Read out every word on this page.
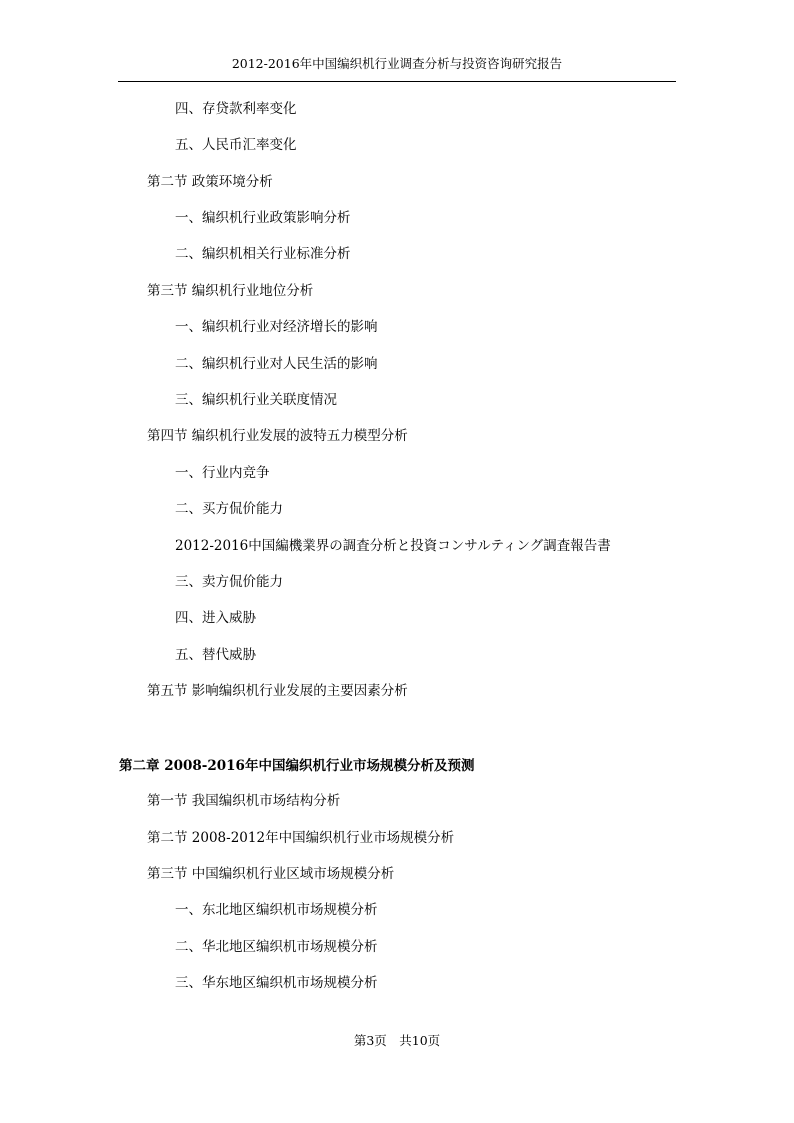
2012-2016年中国编织机行业调查分析与投资咨询研究报告
四、存贷款利率变化
五、人民币汇率变化
第二节 政策环境分析
一、编织机行业政策影响分析
二、编织机相关行业标准分析
第三节 编织机行业地位分析
一、编织机行业对经济增长的影响
二、编织机行业对人民生活的影响
三、编织机行业关联度情况
第四节 编织机行业发展的波特五力模型分析
一、行业内竞争
二、买方侃价能力
2012-2016中国編機業界の調査分析と投資コンサルティング調査報告書
三、卖方侃价能力
四、进入威胁
五、替代威胁
第五节 影响编织机行业发展的主要因素分析
第二章 2008-2016年中国编织机行业市场规模分析及预测
第一节 我国编织机市场结构分析
第二节 2008-2012年中国编织机行业市场规模分析
第三节 中国编织机行业区域市场规模分析
一、东北地区编织机市场规模分析
二、华北地区编织机市场规模分析
三、华东地区编织机市场规模分析
第3页　共10页
